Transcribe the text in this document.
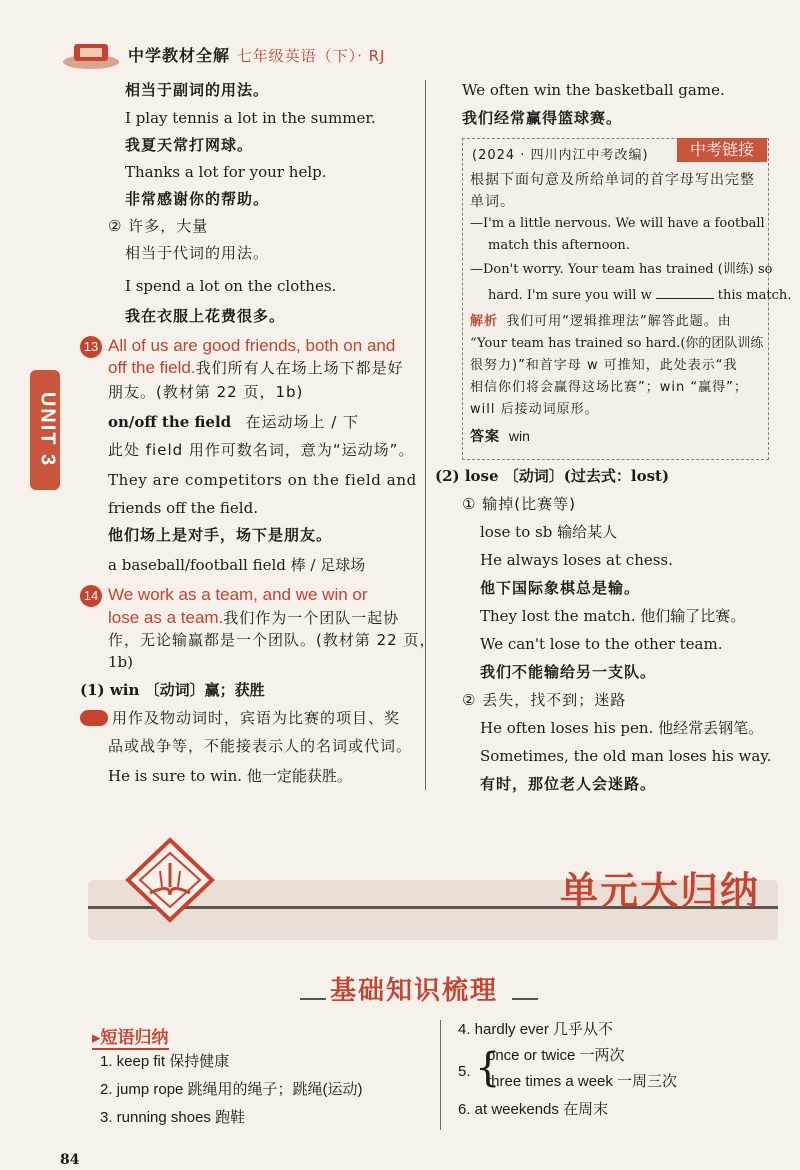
中学教材全解 七年级英语（下）· RJ
UNIT 3
相当于副词的用法。
I play tennis a lot in the summer.
我夏天常打网球。
Thanks a lot for your help.
非常感谢你的帮助。
② 许多，大量
相当于代词的用法。
I spend a lot on the clothes.
我在衣服上花费很多。
13 All of us are good friends, both on and
off the field.我们所有人在场上场下都是好
朋友。(教材第 22 页，1b)
on/off the field 在运动场上 / 下
此处 field 用作可数名词，意为“运动场”。
They are competitors on the field and
friends off the field.
他们场上是对手，场下是朋友。
a baseball/football field 棒 / 足球场
14 We work as a team, and we win or
lose as a team.我们作为一个团队一起协
作，无论输赢都是一个团队。(教材第 22 页，
1b)
(1) win 〔动词〕赢；获胜
用作及物动词时，宾语为比赛的项目、奖
品或战争等，不能接表示人的名词或代词。
He is sure to win. 他一定能获胜。
We often win the basketball game.
我们经常赢得篮球赛。
中考链接
(2024 · 四川内江中考改编)
根据下面句意及所给单词的首字母写出完整
单词。
—I'm a little nervous. We will have a football
match this afternoon.
—Don't worry. Your team has trained (训练) so
hard. I'm sure you will w	this match.
解析 我们可用“逻辑推理法”解答此题。由
“Your team has trained so hard.(你的团队训练
很努力)”和首字母 w 可推知，此处表示“我
相信你们将会赢得这场比赛”；win “赢得”；
will 后接动词原形。
答案 win
(2) lose 〔动词〕(过去式：lost)
① 输掉(比赛等)
lose to sb 输给某人
He always loses at chess.
他下国际象棋总是输。
They lost the match. 他们输了比赛。
We can't lose to the other team.
我们不能输给另一支队。
② 丢失，找不到；迷路
He often loses his pen. 他经常丢钢笔。
Sometimes, the old man loses his way.
有时，那位老人会迷路。
单元大归纳
基础知识梳理
▸短语归纳
1. keep fit 保持健康
2. jump rope 跳绳用的绳子；跳绳(运动)
3. running shoes 跑鞋
4. hardly ever 几乎从不
5. {
once or twice 一两次
three times a week 一周三次
6. at weekends 在周末
84
